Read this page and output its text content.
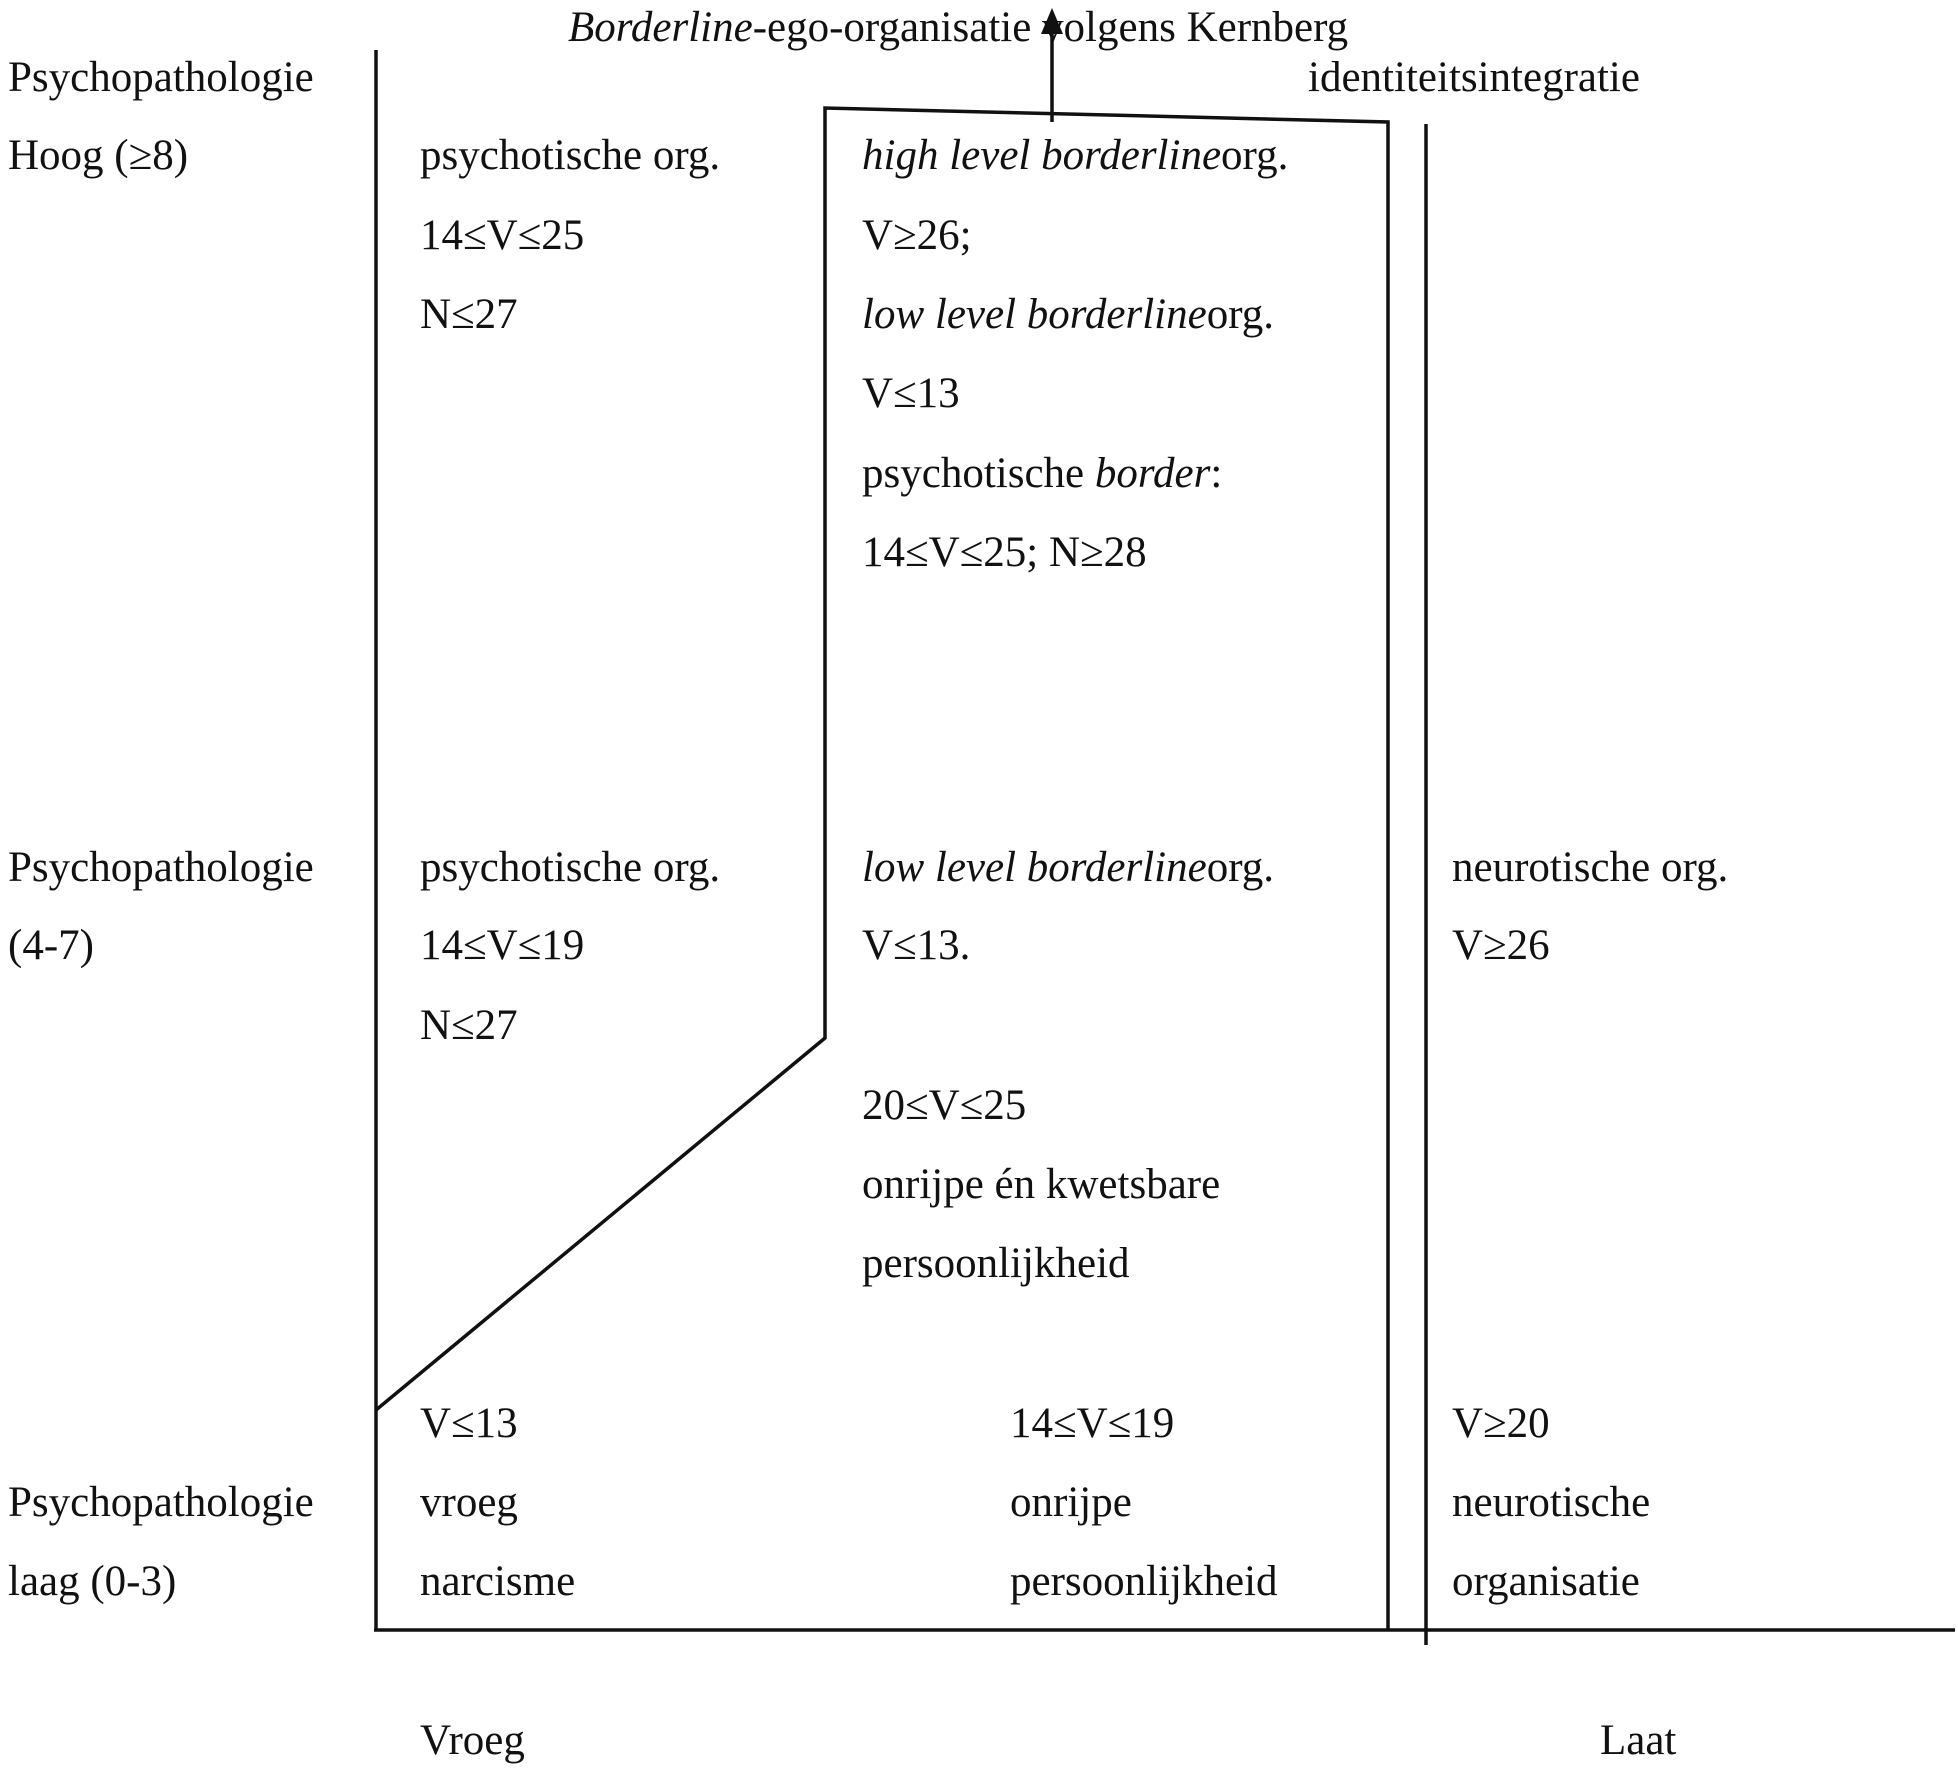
Borderline-ego-organisatie volgens Kernberg
identiteitsintegratie
Psychopathologie
Hoog (≥8)
Psychopathologie
(4-7)
Psychopathologie
laag (0-3)
psychotische org.
14≤V≤25
N≤27
high level borderlineorg.
V≥26;
low level borderlineorg.
V≤13
psychotische border:
14≤V≤25; N≥28
psychotische org.
14≤V≤19
N≤27
low level borderlineorg.
V≤13.
20≤V≤25
onrijpe én kwetsbare
persoonlijkheid
neurotische org.
V≥26
V≤13
vroeg
narcisme
14≤V≤19
onrijpe
persoonlijkheid
V≥20
neurotische
organisatie
Vroeg	Laat
